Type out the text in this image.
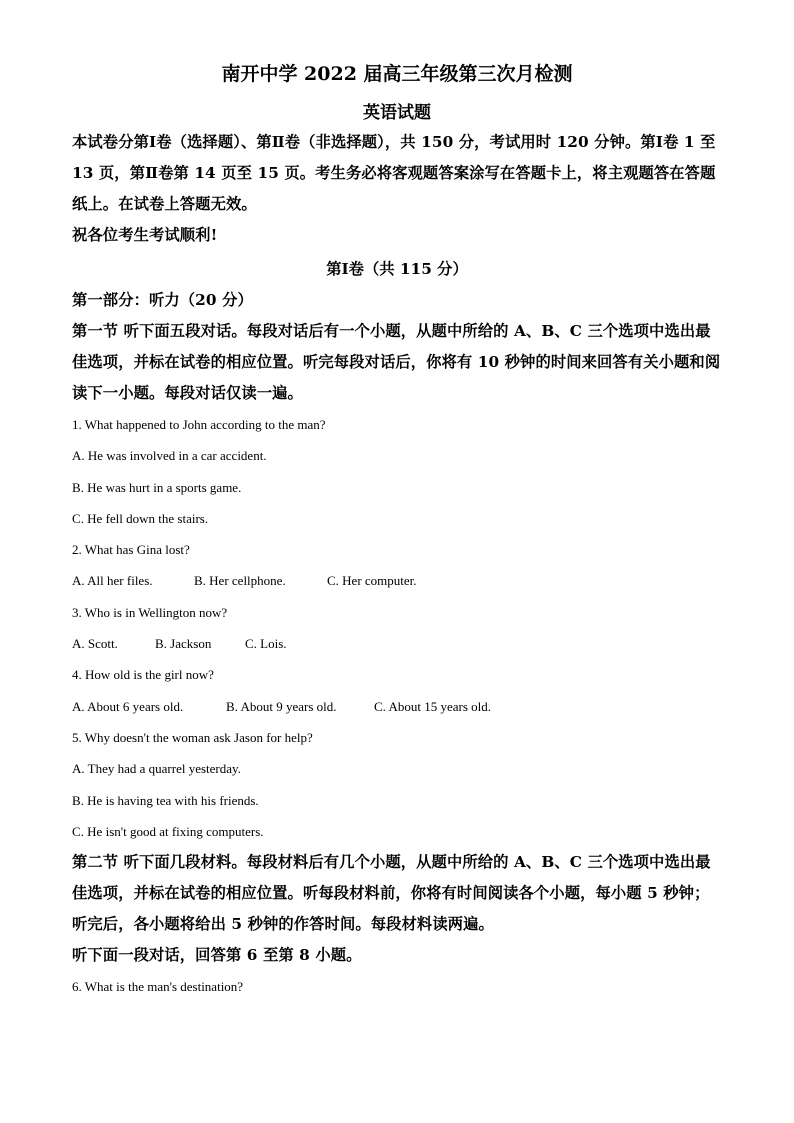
南开中学 2022 届高三年级第三次月检测
英语试题
本试卷分第Ⅰ卷（选择题）、第Ⅱ卷（非选择题），共 150 分，考试用时 120 分钟。第Ⅰ卷 1 至 13 页，第Ⅱ卷第 14 页至 15 页。考生务必将客观题答案涂写在答题卡上，将主观题答在答题纸上。在试卷上答题无效。
祝各位考生考试顺利!
第Ⅰ卷（共 115 分）
第一部分：听力（20 分）
第一节 听下面五段对话。每段对话后有一个小题，从题中所给的 A、B、C 三个选项中选出最佳选项，并标在试卷的相应位置。听完每段对话后，你将有 10 秒钟的时间来回答有关小题和阅读下一小题。每段对话仅读一遍。
1. What happened to John according to the man?
A. He was involved in a car accident.
B. He was hurt in a sports game.
C. He fell down the stairs.
2. What has Gina lost?
A. All her files.	B. Her cellphone.	C. Her computer.
3. Who is in Wellington now?
A. Scott.	B. Jackson	C. Lois.
4. How old is the girl now?
A. About 6 years old.	B. About 9 years old.	C. About 15 years old.
5. Why doesn't the woman ask Jason for help?
A. They had a quarrel yesterday.
B. He is having tea with his friends.
C. He isn't good at fixing computers.
第二节 听下面几段材料。每段材料后有几个小题，从题中所给的 A、B、C 三个选项中选出最佳选项，并标在试卷的相应位置。听每段材料前，你将有时间阅读各个小题，每小题 5 秒钟；听完后，各小题将给出 5 秒钟的作答时间。每段材料读两遍。
听下面一段对话，回答第 6 至第 8 小题。
6. What is the man's destination?
